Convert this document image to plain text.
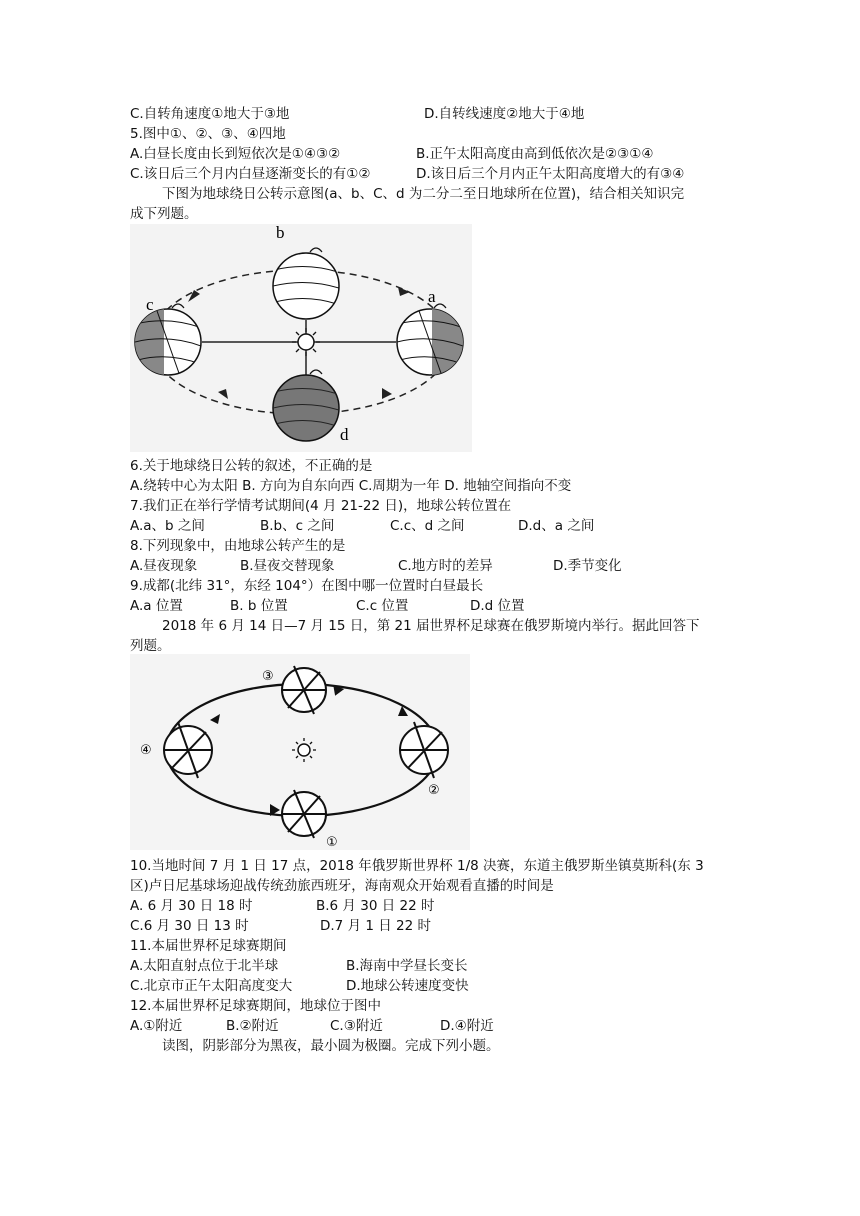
C.自转角速度①地大于③地	D.自转线速度②地大于④地
5.图中①、②、③、④四地
A.白昼长度由长到短依次是①④③②	B.正午太阳高度由高到低依次是②③①④
C.该日后三个月内白昼逐渐变长的有①②	D.该日后三个月内正午太阳高度增大的有③④
下图为地球绕日公转示意图(a、b、C、d 为二分二至日地球所在位置)，结合相关知识完
成下列题。
b
c	a
d
6.关于地球绕日公转的叙述，不正确的是
A.绕转中心为太阳 B. 方向为自东向西 C.周期为一年 D. 地轴空间指向不变
7.我们正在举行学情考试期间(4 月 21-22 日)，地球公转位置在
A.a、b 之间	B.b、c 之间	C.c、d 之间	D.d、a 之间
8.下列现象中，由地球公转产生的是
A.昼夜现象	B.昼夜交替现象	C.地方时的差异	D.季节变化
9.成都(北纬 31°，东经 104°）在图中哪一位置时白昼最长
A.a 位置	B. b 位置	C.c 位置	D.d 位置
2018 年 6 月 14 日—7 月 15 日，第 21 届世界杯足球赛在俄罗斯境内举行。据此回答下
列题。
③
④
②
①
10.当地时间 7 月 1 日 17 点，2018 年俄罗斯世界杯 1/8 决赛，东道主俄罗斯坐镇莫斯科(东 3
区)卢日尼基球场迎战传统劲旅西班牙，海南观众开始观看直播的时间是
A. 6 月 30 日 18 时	B.6 月 30 日 22 时
C.6 月 30 日 13 时	D.7 月 1 日 22 时
11.本届世界杯足球赛期间
A.太阳直射点位于北半球	B.海南中学昼长变长
C.北京市正午太阳高度变大	D.地球公转速度变快
12.本届世界杯足球赛期间，地球位于图中
A.①附近	B.②附近	C.③附近	D.④附近
读图，阴影部分为黑夜，最小圆为极圈。完成下列小题。
